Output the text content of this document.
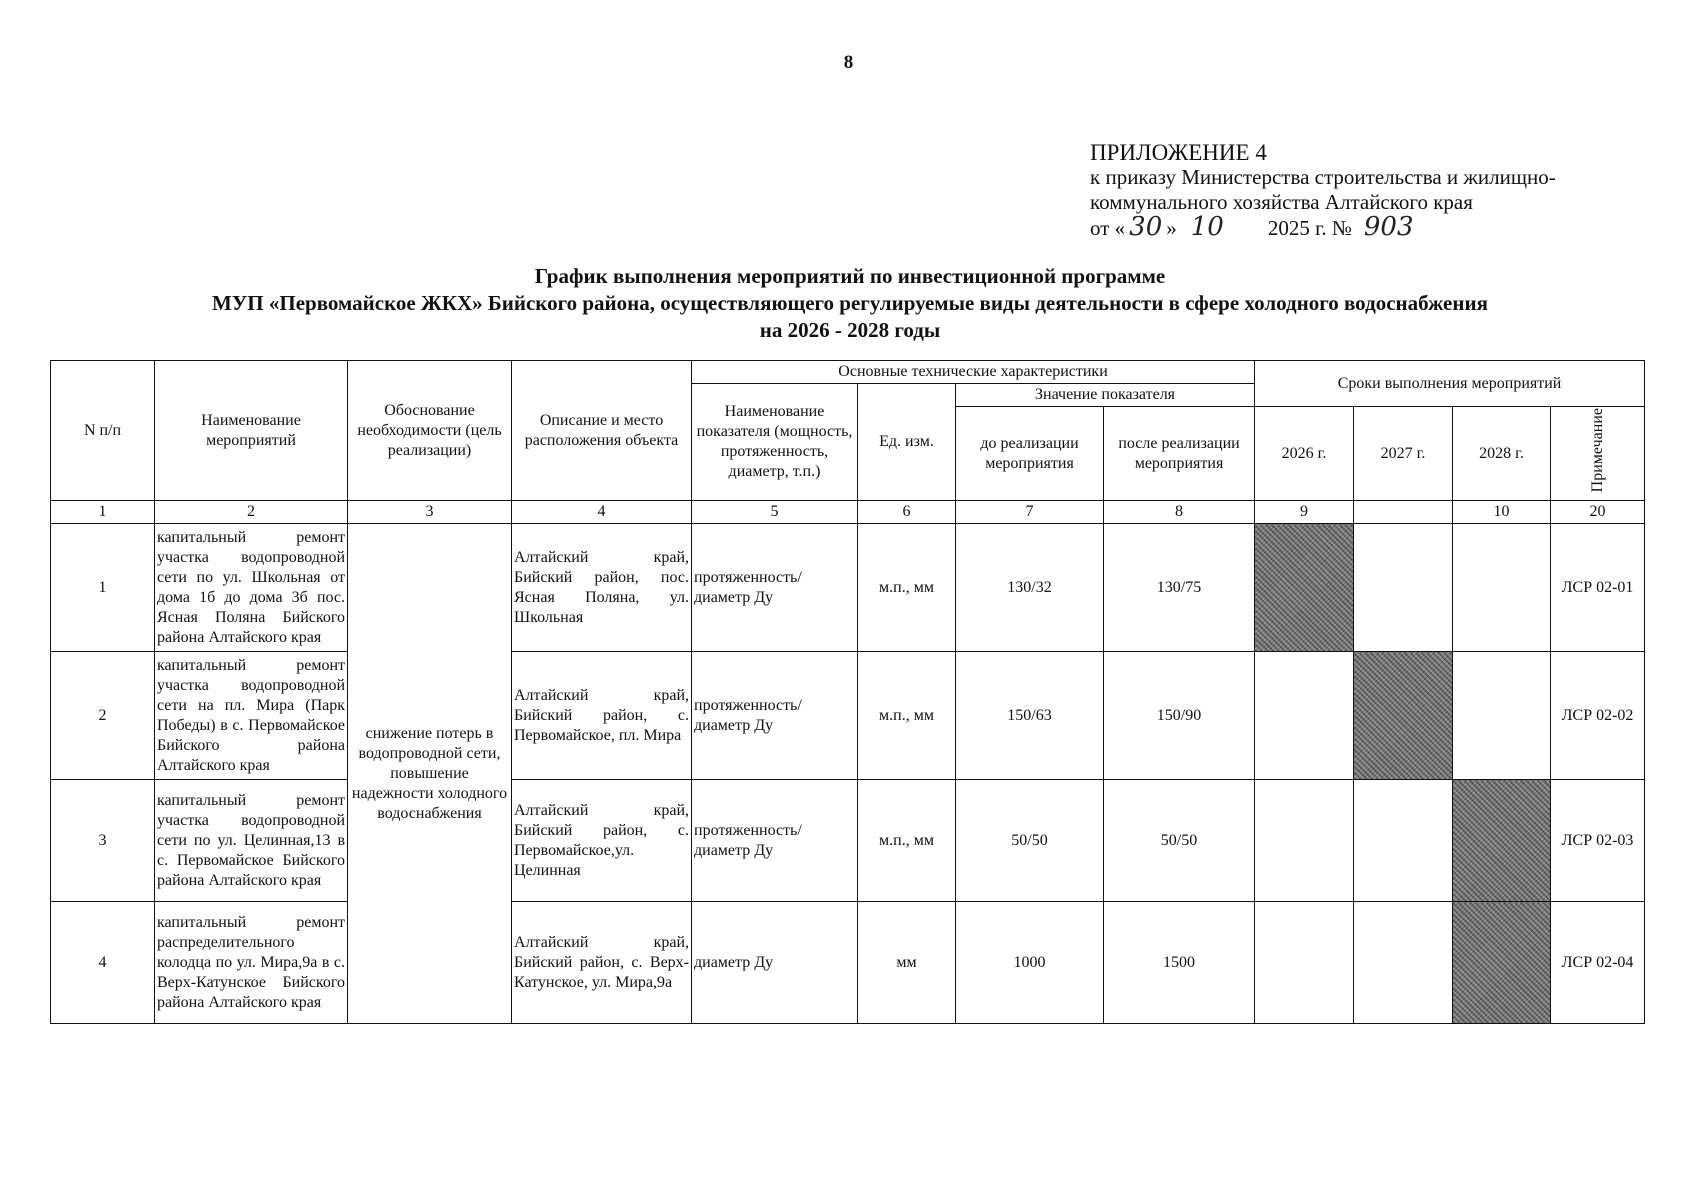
8
ПРИЛОЖЕНИЕ 4
к приказу Министерства строительства и жилищно-
коммунального хозяйства Алтайского края
от « 30 » 10 2025 г. № 903
График выполнения мероприятий по инвестиционной программе
МУП «Первомайское ЖКХ» Бийского района, осуществляющего регулируемые виды деятельности в сфере холодного водоснабжения
на 2026 - 2028 годы
N п/п	Наименование мероприятий	Обоснование необходимости (цель реализации)	Описание и место расположения объекта	Основные технические характеристики				Сроки выполнения мероприятий			
				Наименование показателя (мощность, протяженность, диаметр, т.п.)	Ед. изм.	Значение показателя					
						до реализации мероприятия	после реализации мероприятия	2026 г.	2027 г.	2028 г.	Примечание
1	2	3	4	5	6	7	8	9		10	20
1	капитальный ремонт участка водопроводной сети по ул. Школьная от дома 1б до дома 3б пос. Ясная Поляна Бийского района Алтайского края	снижение потерь в водопроводной сети, повышение надежности холодного водоснабжения	Алтайский край, Бийский район, пос. Ясная Поляна, ул. Школьная	протяженность/ диаметр Ду	м.п., мм	130/32	130/75				ЛСР 02-01
2	капитальный ремонт участка водопроводной сети на пл. Мира (Парк Победы) в с. Первомайское Бийского района Алтайского края		Алтайский край, Бийский район, с. Первомайское, пл. Мира	протяженность/ диаметр Ду	м.п., мм	150/63	150/90				ЛСР 02-02
3	капитальный ремонт участка водопроводной сети по ул. Целинная,13 в с. Первомайское Бийского района Алтайского края		Алтайский край, Бийский район, с. Первомайское,ул. Целинная	протяженность/ диаметр Ду	м.п., мм	50/50	50/50				ЛСР 02-03
4	капитальный ремонт распределительного колодца по ул. Мира,9а в с. Верх-Катунское Бийского района Алтайского края		Алтайский край, Бийский район, с. Верх-Катунское, ул. Мира,9а	диаметр Ду	мм	1000	1500				ЛСР 02-04
